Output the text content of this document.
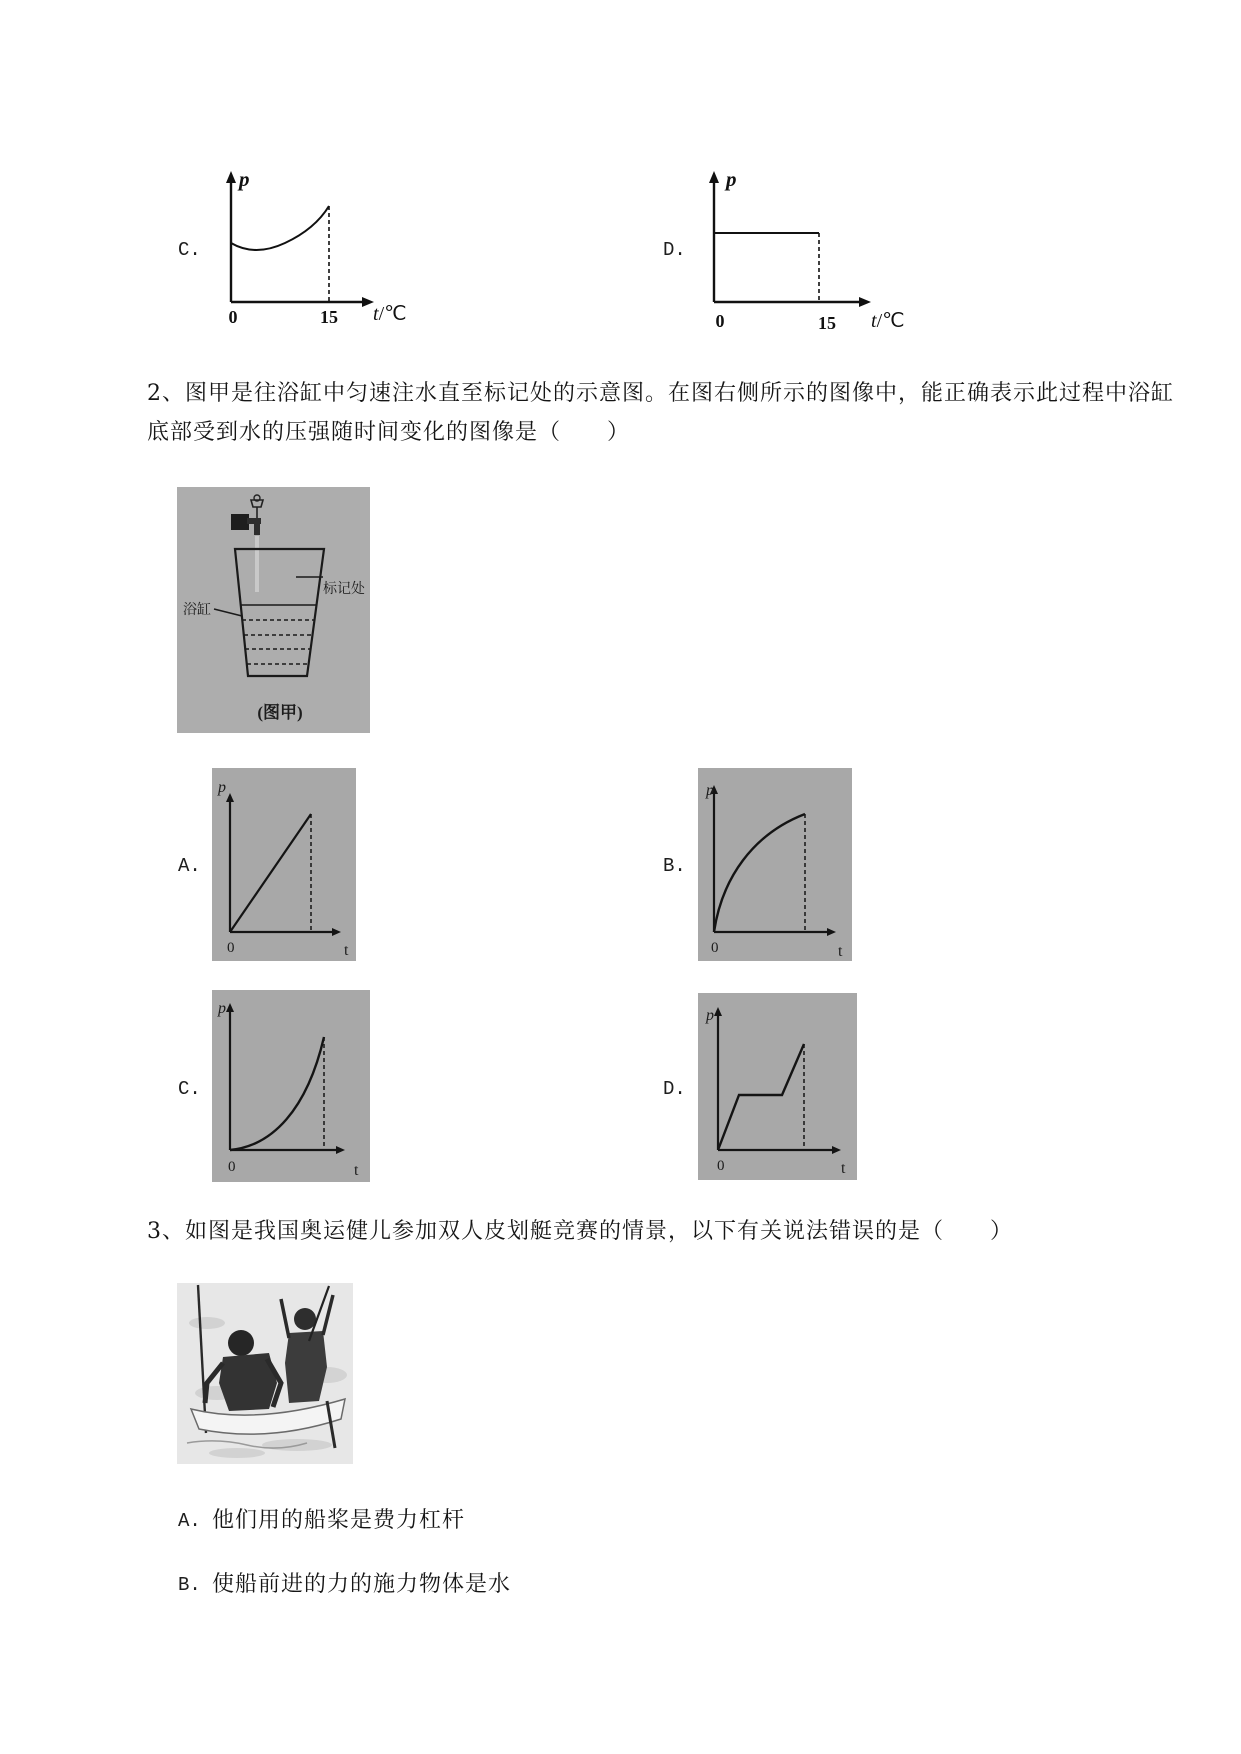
C.
p
0	15 t/℃
D.
p
0	15 t/℃
2、图甲是往浴缸中匀速注水直至标记处的示意图。在图右侧所示的图像中，能正确表示此过程中浴缸
底部受到水的压强随时间变化的图像是（　　）
标记处
浴缸
(图甲)
A.
p
0	t
B.
p
0	t
C.
p
0	t
D.
p
0	t
3、如图是我国奥运健儿参加双人皮划艇竞赛的情景，以下有关说法错误的是（　　）
A. 他们用的船桨是费力杠杆
B. 使船前进的力的施力物体是水
